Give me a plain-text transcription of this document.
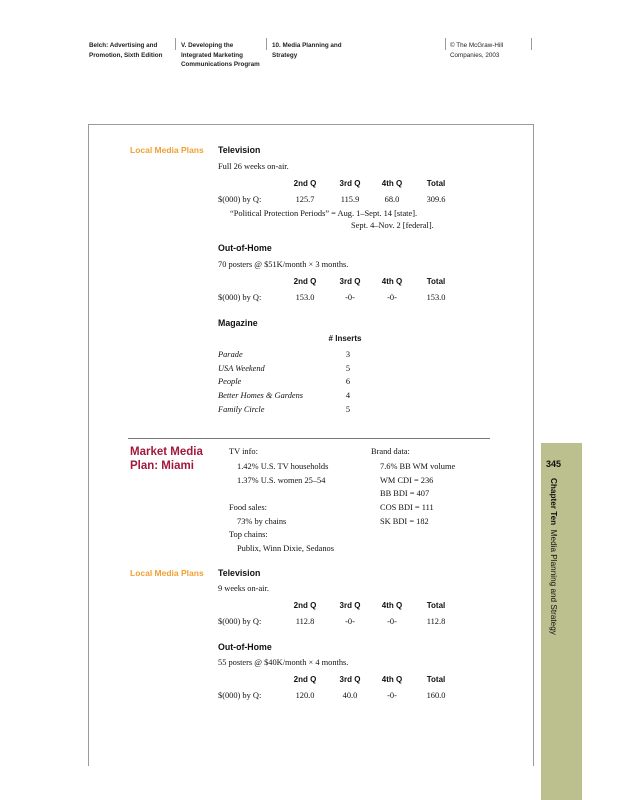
Belch: Advertising and
Promotion, Sixth Edition
V. Developing the
Integrated Marketing
Communications Program
10. Media Planning and
Strategy
© The McGraw-Hill
Companies, 2003
Local Media Plans Television
Full 26 weeks on-air.
2nd Q	3rd Q	4th Q	Total
$(000) by Q:	125.7	115.9	68.0	309.6
“Political Protection Periods” = Aug. 1–Sept. 14 [state].
Sept. 4–Nov. 2 [federal].
Out-of-Home
70 posters @ $51K/month × 3 months.
2nd Q	3rd Q	4th Q	Total
$(000) by Q:	153.0	-0-	-0-	153.0
Magazine
# Inserts
Parade	3
USA Weekend	5
People	6
Better Homes & Gardens	4
Family Circle	5
Market Media
Plan: Miami
TV info:
1.42% U.S. TV households
1.37% U.S. women 25–54
Food sales:
73% by chains
Top chains:
Publix, Winn Dixie, Sedanos
Brand data:
7.6% BB WM volume
WM CDI = 236
BB BDI = 407
COS BDI = 111
SK BDI = 182
Local Media Plans Television
9 weeks on-air.
2nd Q	3rd Q	4th Q	Total
$(000) by Q:	112.8	-0-	-0-	112.8
Out-of-Home
55 posters @ $40K/month × 4 months.
2nd Q	3rd Q	4th Q	Total
$(000) by Q:	120.0	40.0	-0-	160.0
345
Chapter Ten  Media Planning and Strategy
